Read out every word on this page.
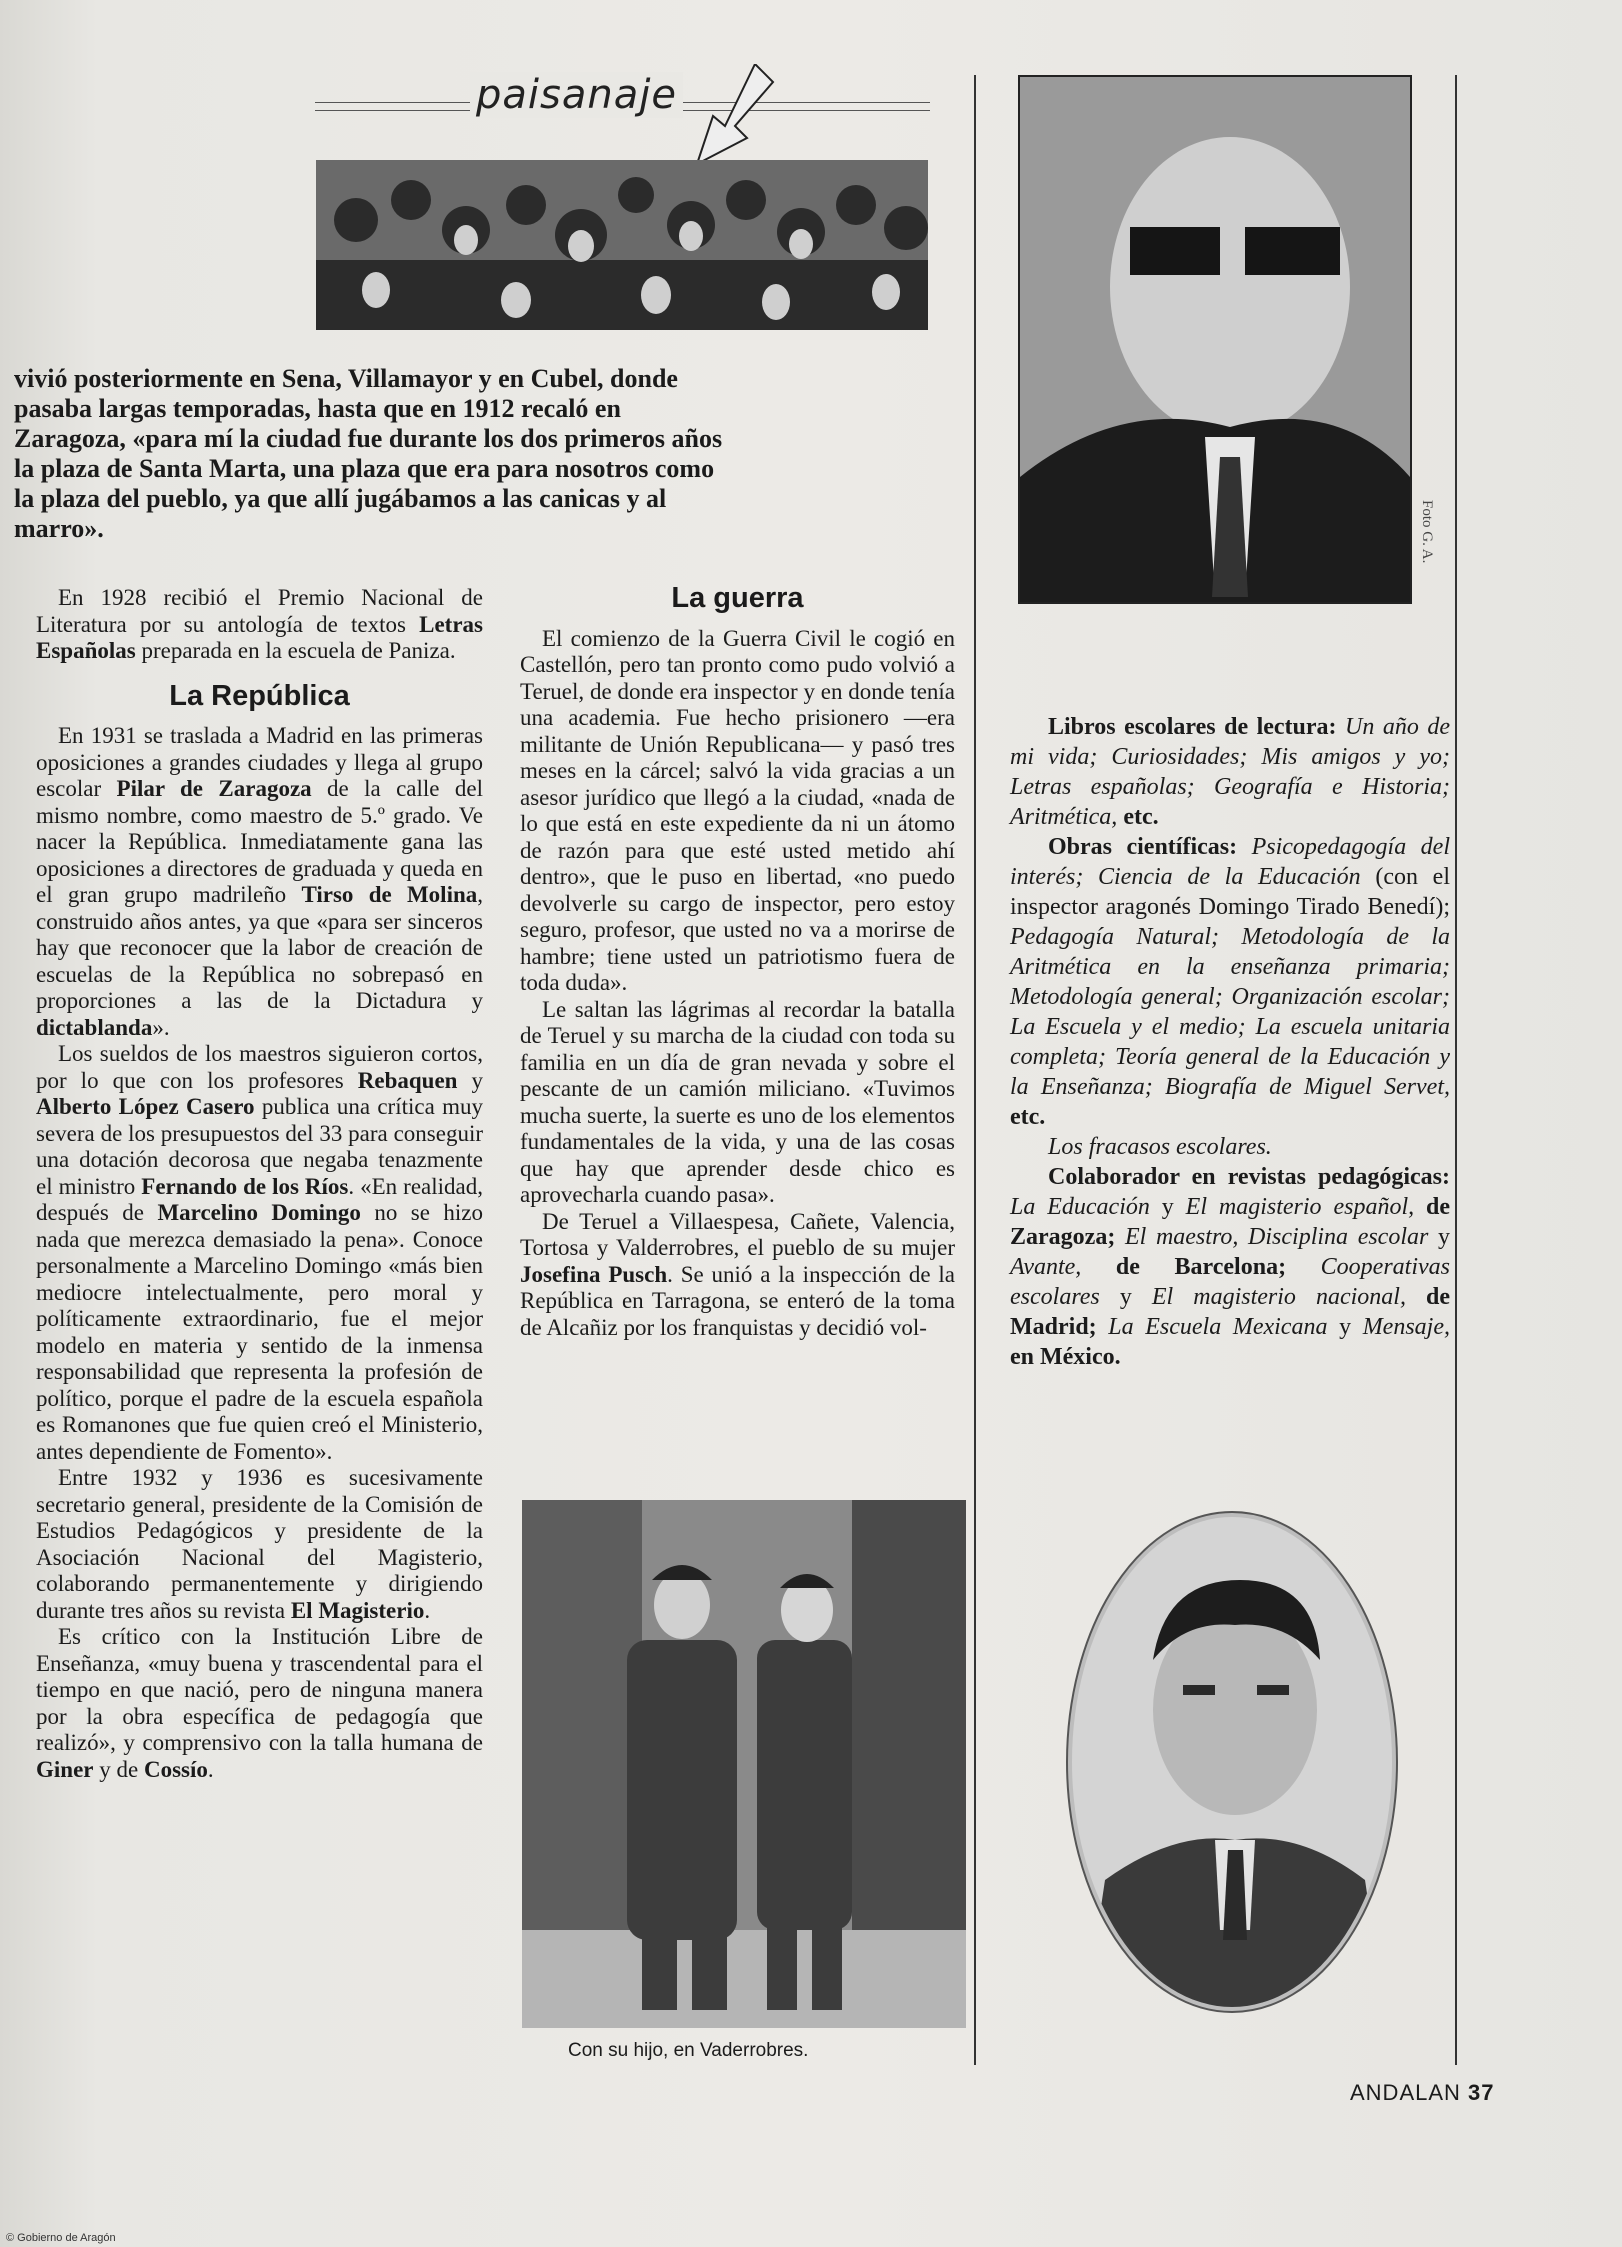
paisanaje
vivió posteriormente en Sena, Villamayor y en Cubel, donde pasaba largas temporadas, hasta que en 1912 recaló en Zaragoza, «para mí la ciudad fue durante los dos primeros años la plaza de Santa Marta, una plaza que era para nosotros como la plaza del pueblo, ya que allí jugábamos a las canicas y al marro».

En 1928 recibió el Premio Nacional de Literatura por su antología de textos Letras Españolas preparada en la escuela de Paniza.

La República

En 1931 se traslada a Madrid en las primeras oposiciones a grandes ciudades y llega al grupo escolar Pilar de Zaragoza de la calle del mismo nombre, como maestro de 5.º grado. Ve nacer la República. Inmediatamente gana las oposiciones a directores de graduada y queda en el gran grupo madrileño Tirso de Molina, construido años antes, ya que «para ser sinceros hay que reconocer que la labor de creación de escuelas de la República no sobrepasó en proporciones a las de la Dictadura y dictablanda».

Los sueldos de los maestros siguieron cortos, por lo que con los profesores Rebaquen y Alberto López Casero publica una crítica muy severa de los presupuestos del 33 para conseguir una dotación decorosa que negaba tenazmente el ministro Fernando de los Ríos. «En realidad, después de Marcelino Domingo no se hizo nada que merezca demasiado la pena». Conoce personalmente a Marcelino Domingo «más bien mediocre intelectualmente, pero moral y políticamente extraordinario, fue el mejor modelo en materia y sentido de la inmensa responsabilidad que representa la profesión de político, porque el padre de la escuela española es Romanones que fue quien creó el Ministerio, antes dependiente de Fomento».

Entre 1932 y 1936 es sucesivamente secretario general, presidente de la Comisión de Estudios Pedagógicos y presidente de la Asociación Nacional del Magisterio, colaborando permanentemente y dirigiendo durante tres años su revista El Magisterio.

Es crítico con la Institución Libre de Enseñanza, «muy buena y trascendental para el tiempo en que nació, pero de ninguna manera por la obra específica de pedagogía que realizó», y comprensivo con la talla humana de Giner y de Cossío.

La guerra

El comienzo de la Guerra Civil le cogió en Castellón, pero tan pronto como pudo volvió a Teruel, de donde era inspector y en donde tenía una academia. Fue hecho prisionero —era militante de Unión Republicana— y pasó tres meses en la cárcel; salvó la vida gracias a un asesor jurídico que llegó a la ciudad, «nada de lo que está en este expediente da ni un átomo de razón para que esté usted metido ahí dentro», que le puso en libertad, «no puedo devolverle su cargo de inspector, pero estoy seguro, profesor, que usted no va a morirse de hambre; tiene usted un patriotismo fuera de toda duda».

Le saltan las lágrimas al recordar la batalla de Teruel y su marcha de la ciudad con toda su familia en un día de gran nevada y sobre el pescante de un camión miliciano. «Tuvimos mucha suerte, la suerte es uno de los elementos fundamentales de la vida, y una de las cosas que hay que aprender desde chico es aprovecharla cuando pasa».

De Teruel a Villaespesa, Cañete, Valencia, Tortosa y Valderrobres, el pueblo de su mujer Josefina Pusch. Se unió a la inspección de la República en Tarragona, se enteró de la toma de Alcañiz por los franquistas y decidió vol-

Con su hijo, en Vaderrobres.
Foto G. A.

Libros escolares de lectura: Un año de mi vida; Curiosidades; Mis amigos y yo; Letras españolas; Geografía e Historia; Aritmética, etc.

Obras científicas: Psicopedagogía del interés; Ciencia de la Educación (con el inspector aragonés Domingo Tirado Benedí); Pedagogía Natural; Metodología de la Aritmética en la enseñanza primaria; Metodología general; Organización escolar; La Escuela y el medio; La escuela unitaria completa; Teoría general de la Educación y la Enseñanza; Biografía de Miguel Servet, etc.

Los fracasos escolares.

Colaborador en revistas pedagógicas: La Educación y El magisterio español, de Zaragoza; El maestro, Disciplina escolar y Avante, de Barcelona; Cooperativas escolares y El magisterio nacional, de Madrid; La Escuela Mexicana y Mensaje, en México.

ANDALAN 37
© Gobierno de Aragón
